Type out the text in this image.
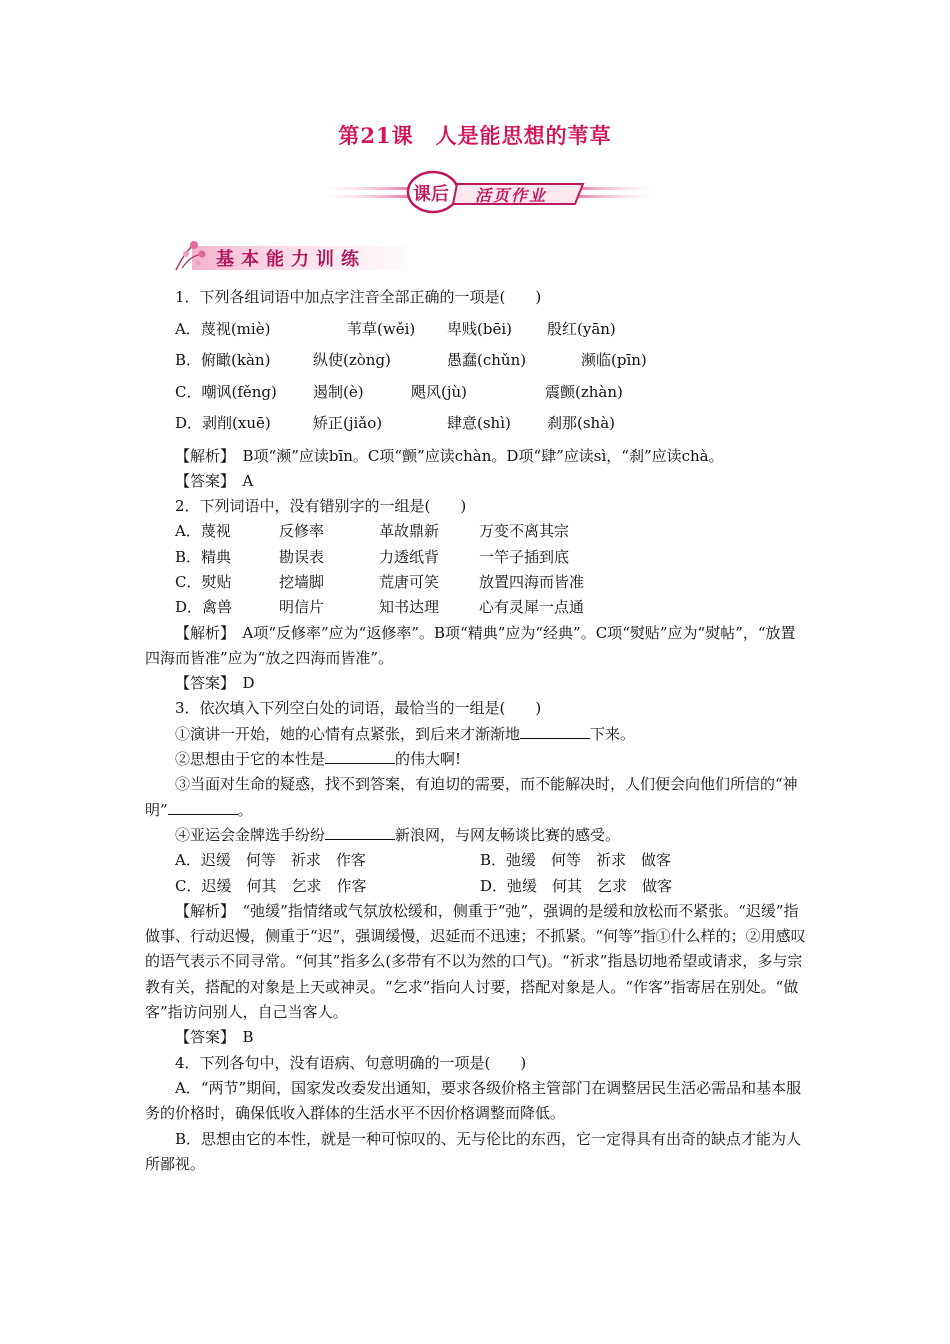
第21课　人是能思想的苇草
课后 活页作业
基本能力训练

1．下列各组词语中加点字注音全部正确的一项是(　　)

A．蔑视(miè)	苇草(wěi) 卑贱(bēi) 殷红(yān)

B．俯瞰(kàn)	纵使(zòng)	愚蠢(chǔn)	濒临(pīn)

C．嘲讽(fěng) 遏制(è)	飓风(jù)	震颤(zhàn)

D．剥削(xuē)	矫正(jiǎo)	肆意(shì) 刹那(shà)

【解析】　B项“濒”应读bīn。C项“颤”应读chàn。D项“肆”应读sì，“刹”应读chà。

【答案】　A

2．下列词语中，没有错别字的一组是(　　)

A．蔑视	反修率	革故鼎新	万变不离其宗

B．精典	勘误表	力透纸背	一竿子插到底

C．熨贴	挖墙脚	荒唐可笑	放置四海而皆准

D．禽兽	明信片	知书达理	心有灵犀一点通

【解析】　A项“反修率”应为“返修率”。B项“精典”应为“经典”。C项“熨贴”应为“熨帖”，“放置四海而皆准”应为“放之四海而皆准”。

【答案】　D

3．依次填入下列空白处的词语，最恰当的一组是(　　)

①演讲一开始，她的心情有点紧张，到后来才渐渐地	下来。

②思想由于它的本性是	的伟大啊!

③当面对生命的疑惑，找不到答案，有迫切的需要，而不能解决时，人们便会向他们所信的“神明”	。

④亚运会金牌选手纷纷	新浪网，与网友畅谈比赛的感受。

A．迟缓　何等　祈求　作客	B．弛缓　何等　祈求　做客

C．迟缓　何其　乞求　作客	D．弛缓　何其　乞求　做客

【解析】　“弛缓”指情绪或气氛放松缓和，侧重于“弛”，强调的是缓和放松而不紧张。“迟缓”指做事、行动迟慢，侧重于“迟”，强调缓慢，迟延而不迅速；不抓紧。“何等”指①什么样的；②用感叹的语气表示不同寻常。“何其”指多么(多带有不以为然的口气)。“祈求”指恳切地希望或请求，多与宗教有关，搭配的对象是上天或神灵。“乞求”指向人讨要，搭配对象是人。“作客”指寄居在别处。“做客”指访问别人，自己当客人。

【答案】　B

4．下列各句中，没有语病、句意明确的一项是(　　)

A．“两节”期间，国家发改委发出通知，要求各级价格主管部门在调整居民生活必需品和基本服务的价格时，确保低收入群体的生活水平不因价格调整而降低。

B．思想由它的本性，就是一种可惊叹的、无与伦比的东西，它一定得具有出奇的缺点才能为人所鄙视。
